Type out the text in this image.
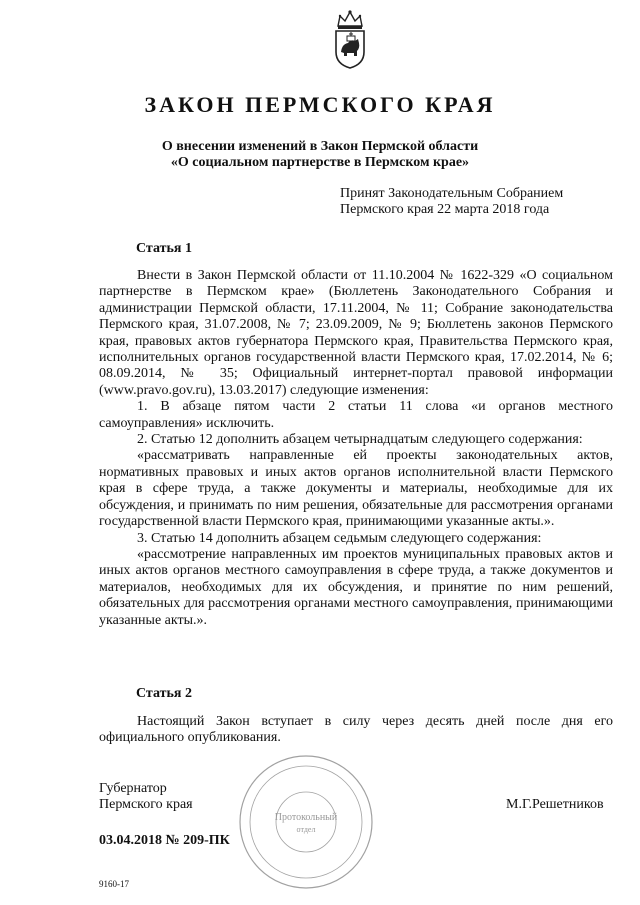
ЗАКОН ПЕРМСКОГО КРАЯ
О внесении изменений в Закон Пермской области
«О социальном партнерстве в Пермском крае»
Принят Законодательным Собранием
Пермского края 22 марта 2018 года
Статья 1

Внести в Закон Пермской области от 11.10.2004 № 1622-329 «О социальном партнерстве в Пермском крае» (Бюллетень Законодательного Собрания и администрации Пермской области, 17.11.2004, № 11; Собрание законодательства Пермского края, 31.07.2008, № 7; 23.09.2009, № 9; Бюллетень законов Пермского края, правовых актов губернатора Пермского края, Правительства Пермского края, исполнительных органов государственной власти Пермского края, 17.02.2014, № 6; 08.09.2014, № 35; Официальный интернет-портал правовой информации (www.pravo.gov.ru), 13.03.2017) следующие изменения:

1. В абзаце пятом части 2 статьи 11 слова «и органов местного самоуправления» исключить.

2. Статью 12 дополнить абзацем четырнадцатым следующего содержания:

«рассматривать направленные ей проекты законодательных актов, нормативных правовых и иных актов органов исполнительной власти Пермского края в сфере труда, а также документы и материалы, необходимые для их обсуждения, и принимать по ним решения, обязательные для рассмотрения органами государственной власти Пермского края, принимающими указанные акты.».

3. Статью 14 дополнить абзацем седьмым следующего содержания:

«рассмотрение направленных им проектов муниципальных правовых актов и иных актов органов местного самоуправления в сфере труда, а также документов и материалов, необходимых для их обсуждения, и принятие по ним решений, обязательных для рассмотрения органами местного самоуправления, принимающими указанные акты.».

Статья 2

Настоящий Закон вступает в силу через десять дней после дня его официального опубликования.

Губернатор
Пермского края	М.Г.Решетников
Протокольный
отдел
03.04.2018 № 209-ПК
9160-17
